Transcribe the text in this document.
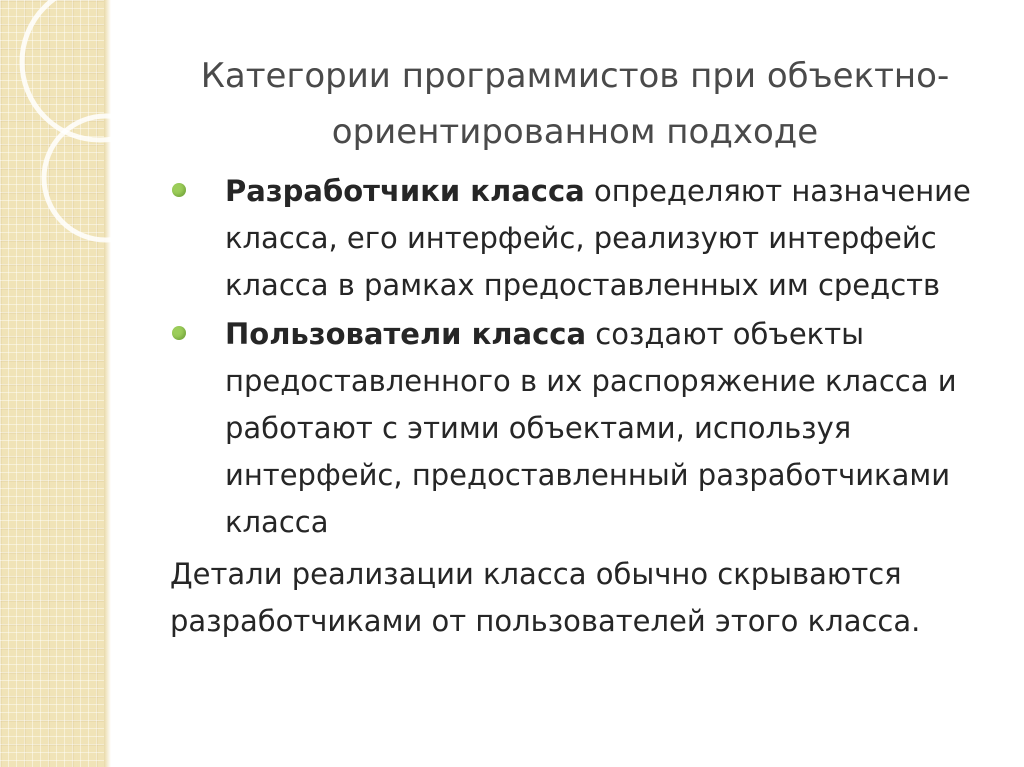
Категории программистов при объектно-ориентированном подходе
Разработчики класса определяют назначение класса, его интерфейс, реализуют интерфейс класса в рамках предоставленных им средств
Пользователи класса создают объекты предоставленного в их распоряжение класса и работают с этими объектами, используя интерфейс, предоставленный разработчиками класса

Детали реализации класса обычно скрываются разработчиками от пользователей этого класса.
